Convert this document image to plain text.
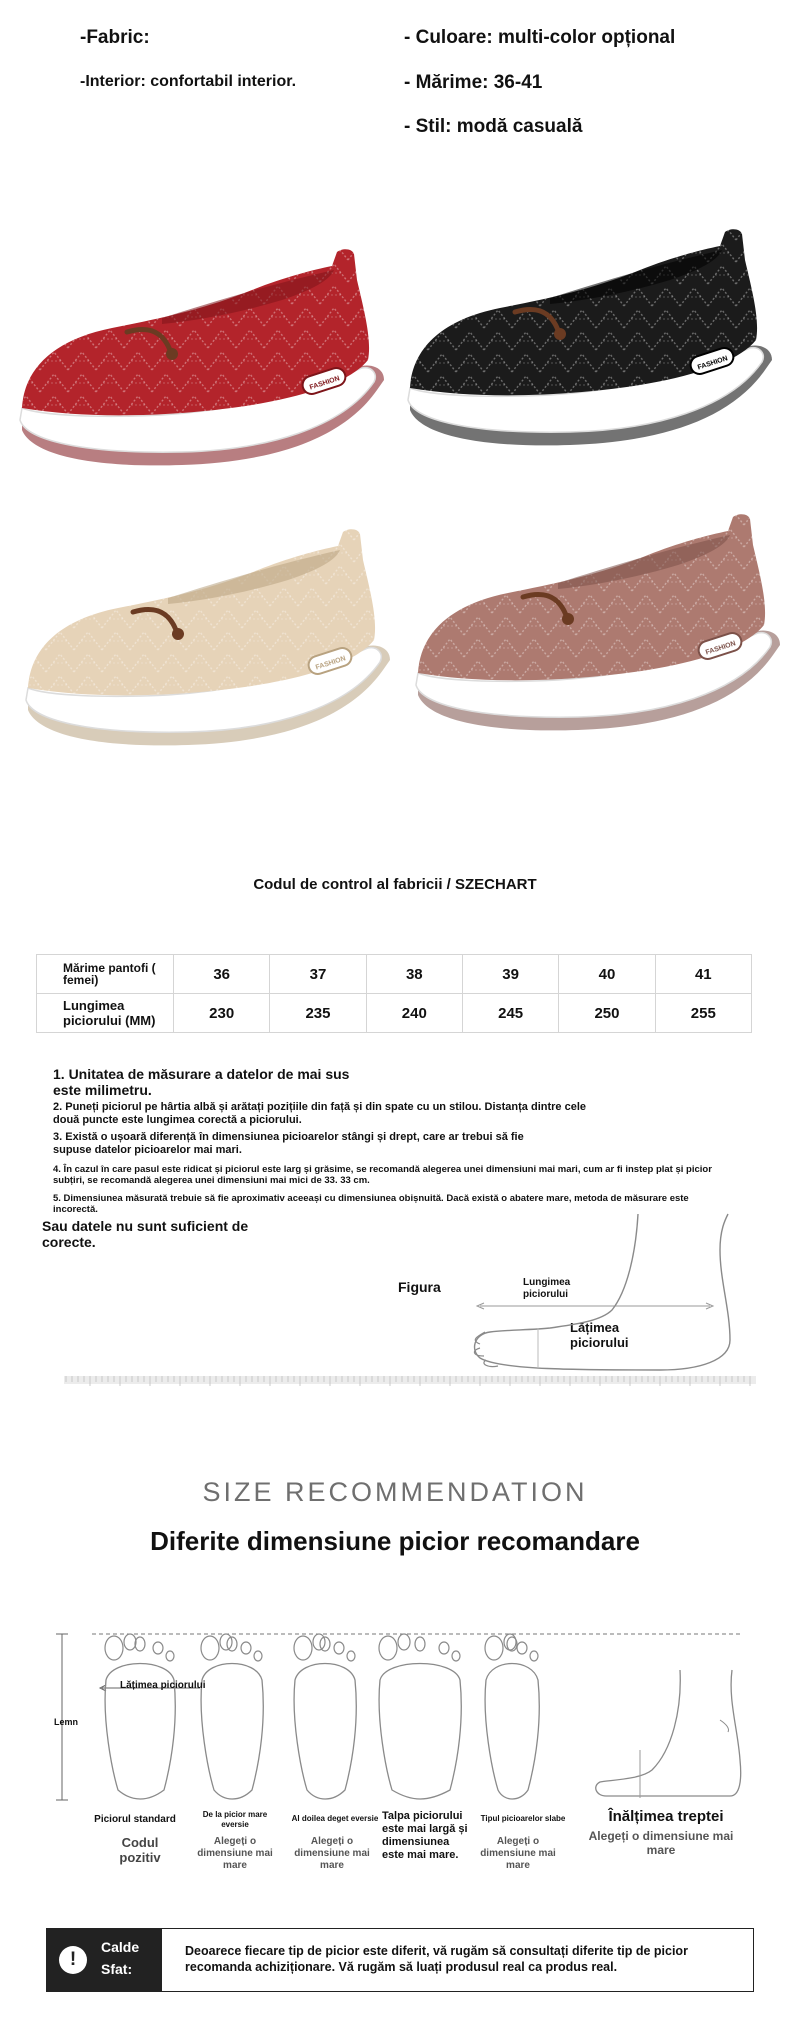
-Fabric:
-Interior: confortabil interior.
- Culoare: multi-color opțional
- Mărime: 36-41
- Stil: modă casuală
FASHION
FASHION
FASHION
FASHION
Codul de control al fabricii / SZECHART
Mărime pantofi ( femei)	36	37	38	39	40	41
Lungimea piciorului (MM)	230	235	240	245	250	255
1. Unitatea de măsurare a datelor de mai sus este milimetru.
2. Puneți piciorul pe hârtia albă și arătați pozițiile din față și din spate cu un stilou. Distanța dintre cele două puncte este lungimea corectă a piciorului.
3. Există o ușoară diferență în dimensiunea picioarelor stângi și drept, care ar trebui să fie supuse datelor picioarelor mai mari.
4. În cazul în care pasul este ridicat și piciorul este larg și grăsime, se recomandă alegerea unei dimensiuni mai mari, cum ar fi instep plat și picior subțiri, se recomandă alegerea unei dimensiuni mai mici de 33. 33 cm.
5. Dimensiunea măsurată trebuie să fie aproximativ aceeași cu dimensiunea obișnuită. Dacă există o abatere mare, metoda de măsurare este incorectă.
Sau datele nu sunt suficient de corecte.
Figura	Lungimea piciorului
Lățimea piciorului
SIZE RECOMMENDATION
Diferite dimensiune picior recomandare
Lățimea piciorului
Lemn
Piciorul standard
Codul pozitiv
De la picior mare eversie
Alegeți o dimensiune mai mare
Al doilea deget eversie
Alegeți o dimensiune mai mare
Talpa piciorului este mai largă și dimensiunea este mai mare.
Alegeți o dimensiune mai mare
Tipul picioarelor slabe	Înălțimea treptei
Alegeți o dimensiune mai mare
!
Calde
Sfat:
Deoarece fiecare tip de picior este diferit, vă rugăm să consultați diferite tip de picior recomanda achiziționare. Vă rugăm să luați produsul real ca produs real.
